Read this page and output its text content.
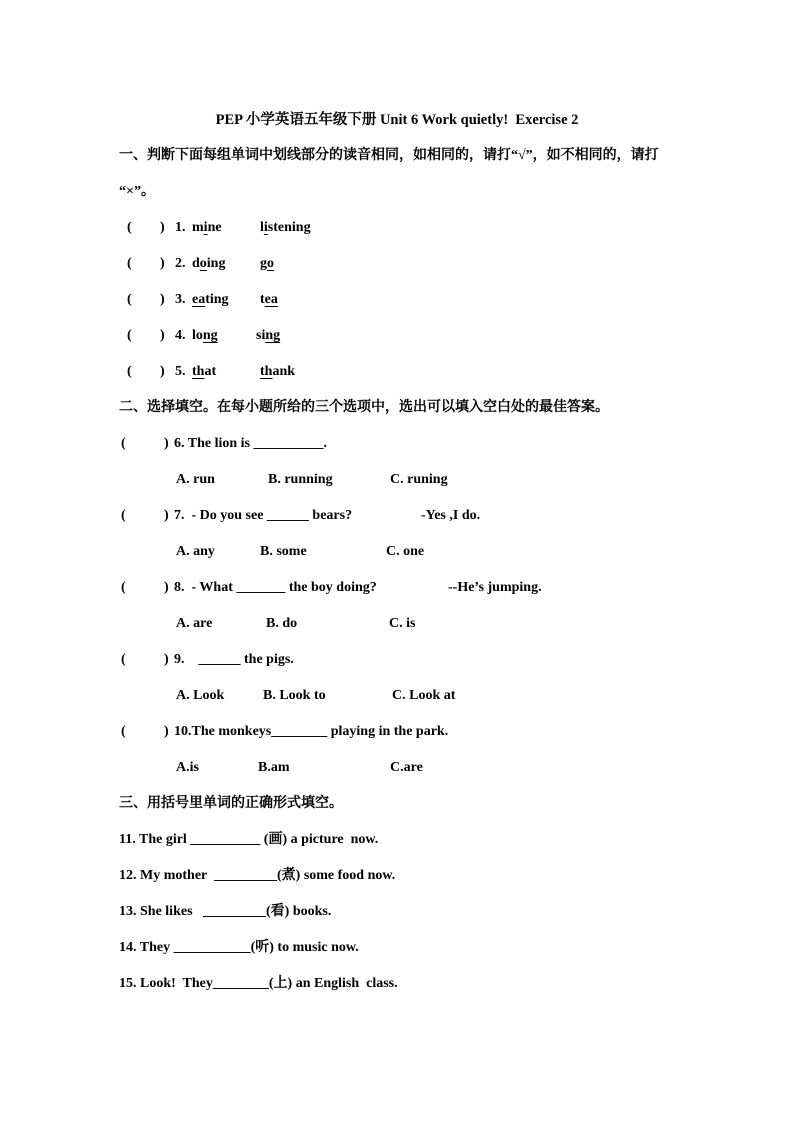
PEP 小学英语五年级下册 Unit 6 Work quietly!  Exercise 2
一、判断下面每组单词中划线部分的读音相同，如相同的，请打“√”，如不相同的，请打
“×”。
( ) 1. mine	listening
( ) 2. doing go
( ) 3. eating tea
( ) 4. long	sing
( ) 5. that	thank
二、选择填空。在每小题所给的三个选项中，选出可以填入空白处的最佳答案。
(	) 6. The lion is __________.
A. run	B. running	C. runing
(	) 7.  - Do you see ______ bears?	-Yes ,I do.
A. any	B. some	C. one
(	) 8.  - What _______ the boy doing?	--He’s jumping.
A. are	B. do	C. is
(	) 9.    ______ the pigs.
A. Look	B. Look to	C. Look at
(	) 10.The monkeys________ playing in the park.
A.is	B.am	C.are
三、用括号里单词的正确形式填空。
11. The girl __________ (画) a picture  now.
12. My mother  _________(煮) some food now.
13. She likes   _________(看) books.
14. They ___________(听) to music now.
15. Look!  They________(上) an English  class.
